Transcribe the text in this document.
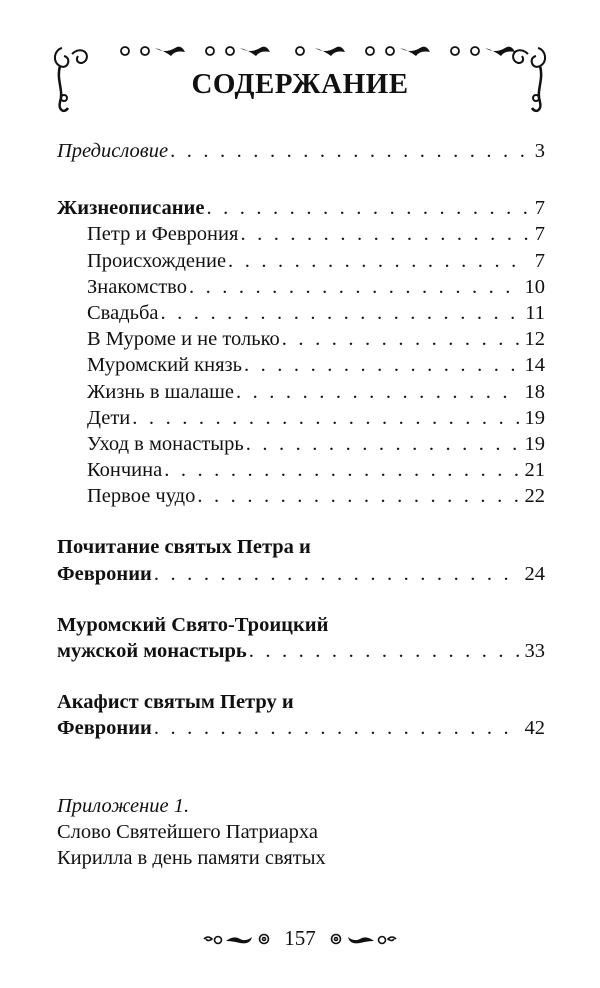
СОДЕРЖАНИЕ
Предисловие . . .	3
Жизнеописание . . .	7
Петр и Феврония . . .	7
Происхождение . . .	7
Знакомство . . .	10
Свадьба . . .	11
В Муроме и не только . . .	12
Муромский князь . . .	14
Жизнь в шалаше . . .	18
Дети . . .	19
Уход в монастырь . . .	19
Кончина . . .	21
Первое чудо . . .	22
Почитание святых Петра и
Февронии . . .	24
Муромский Свято-Троицкий
мужской монастырь . . .	33
Акафист святым Петру и
Февронии . . .	42
Приложение 1.
Слово Святейшего Патриарха
Кирилла в день памяти святых
157
